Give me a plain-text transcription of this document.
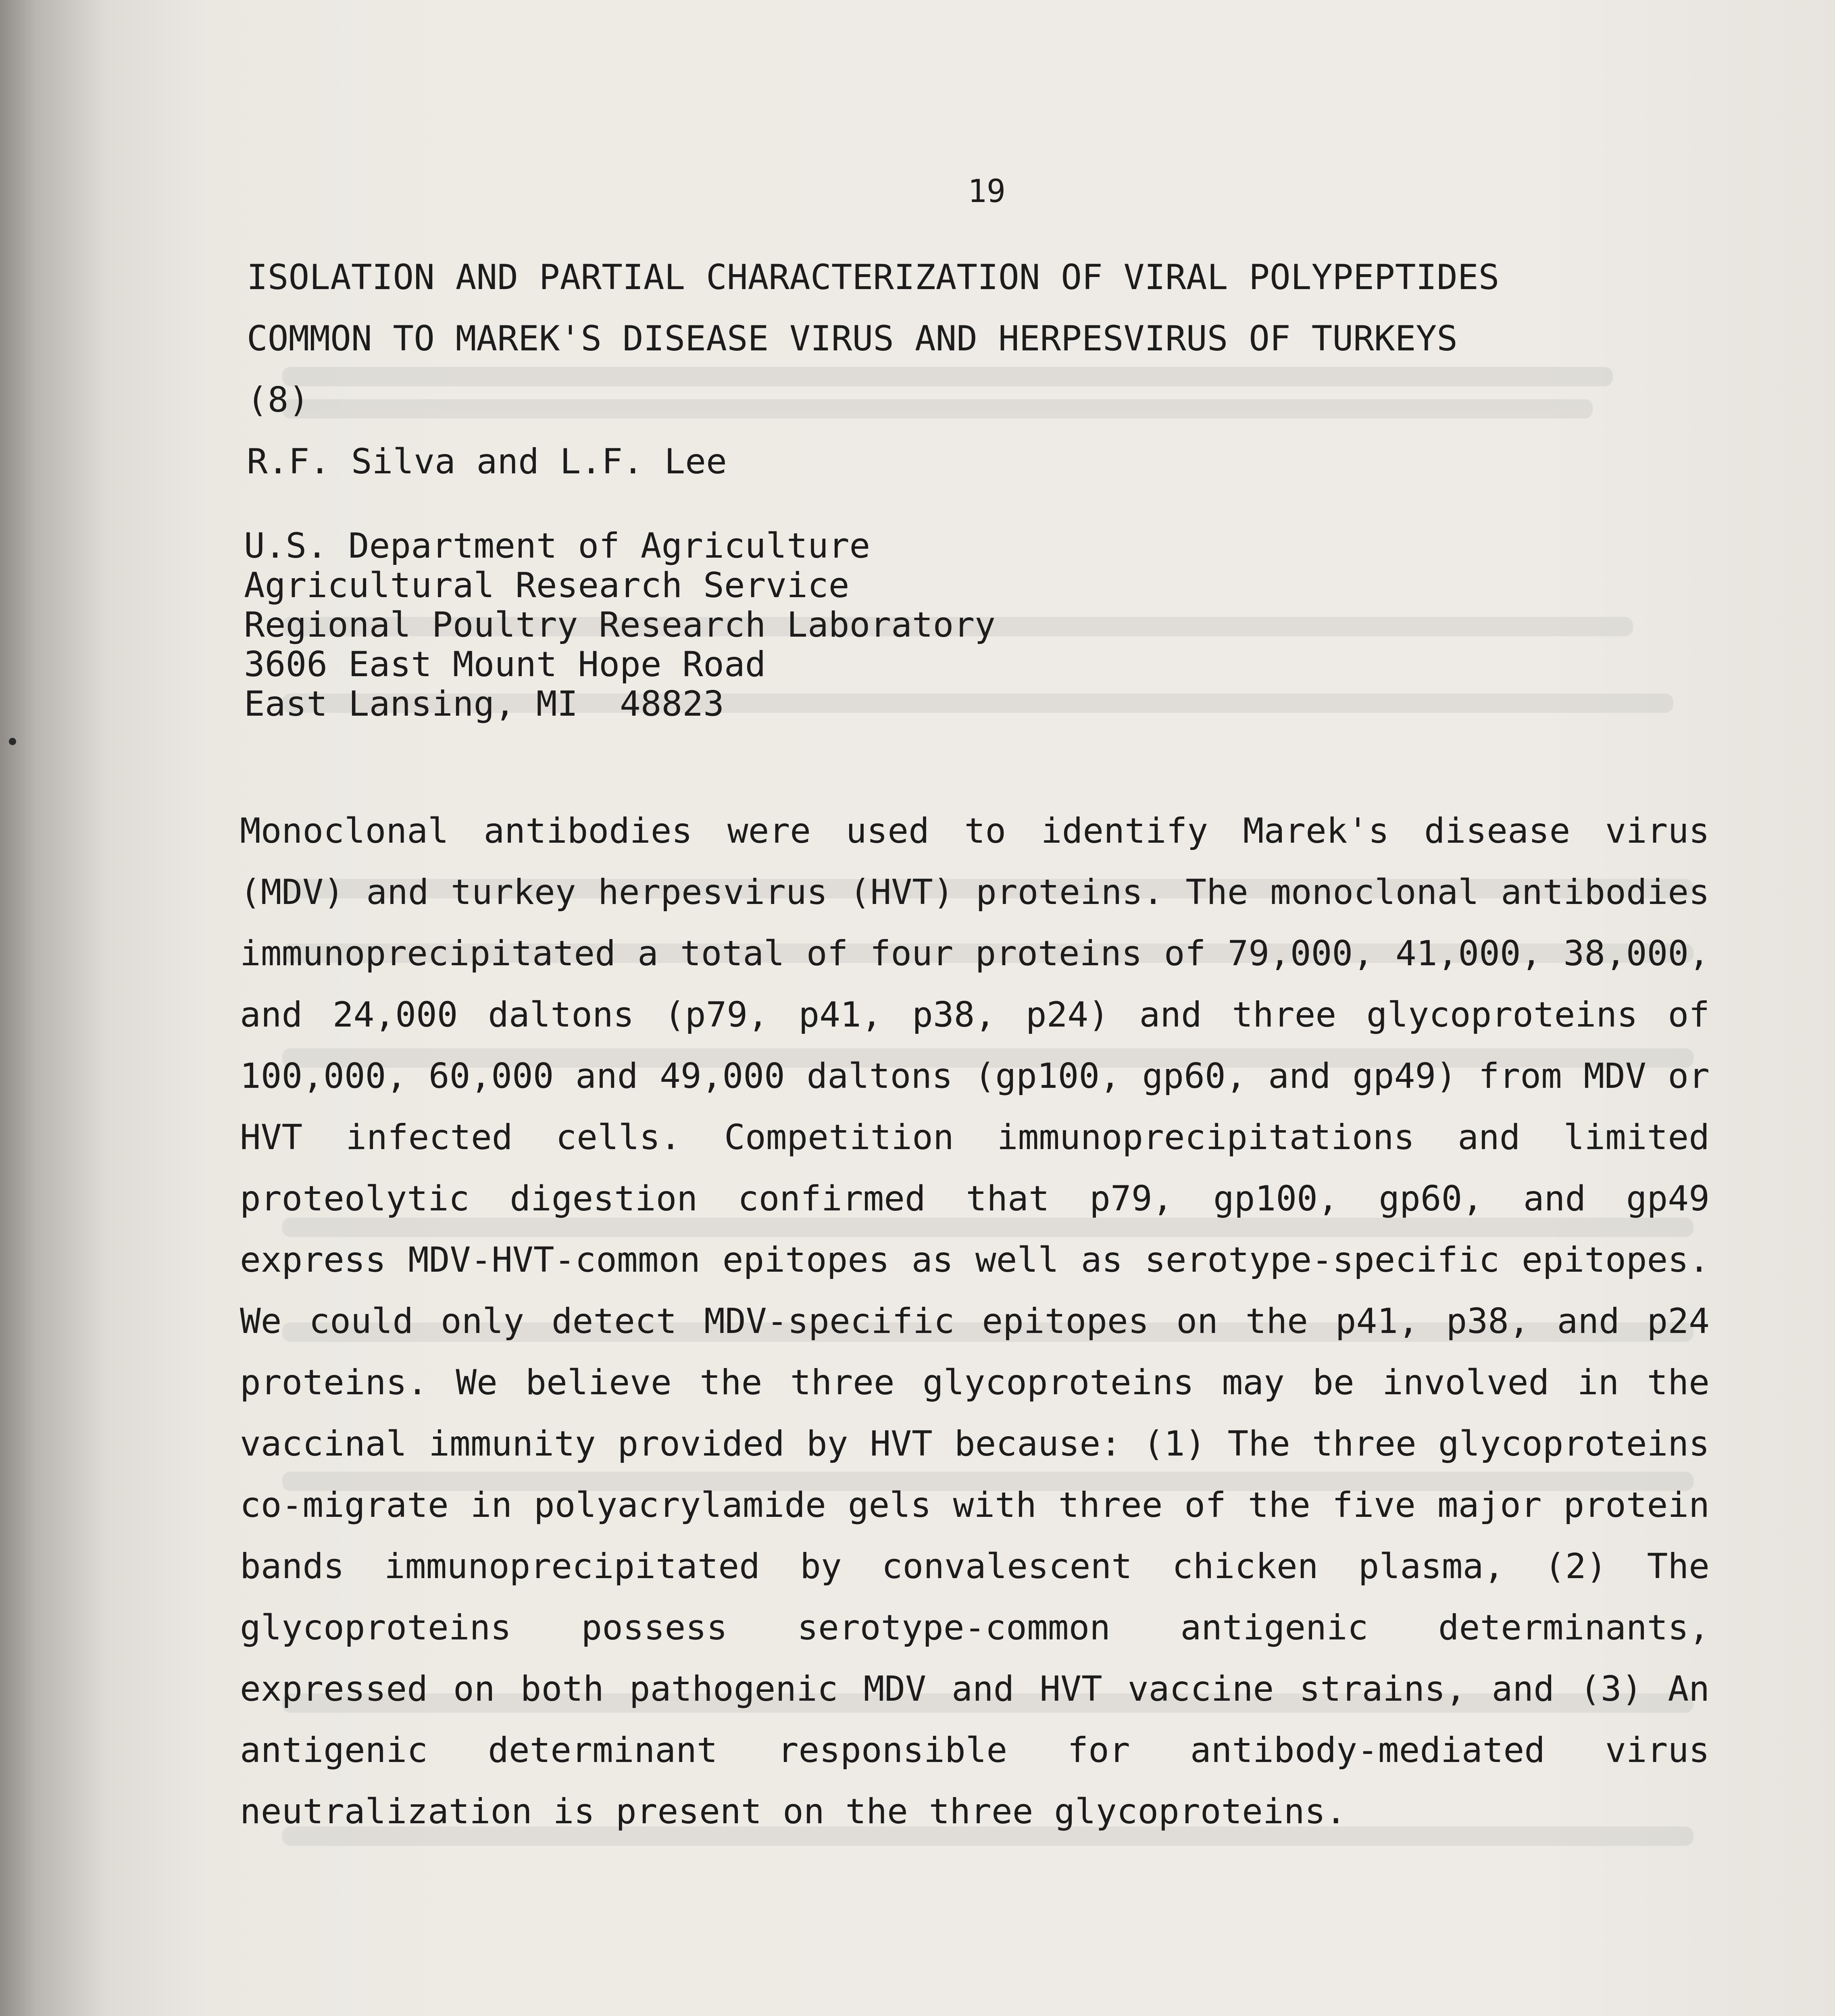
19
ISOLATION AND PARTIAL CHARACTERIZATION OF VIRAL POLYPEPTIDES
COMMON TO MAREK'S DISEASE VIRUS AND HERPESVIRUS OF TURKEYS
(8)
R.F. Silva and L.F. Lee
U.S. Department of Agriculture
Agricultural Research Service
Regional Poultry Research Laboratory
3606 East Mount Hope Road
East Lansing, MI  48823
Monoclonal antibodies were used to identify Marek's disease virus (MDV) and turkey herpesvirus (HVT) proteins. The monoclonal antibodies immunoprecipitated a total of four proteins of 79,000, 41,000, 38,000, and 24,000 daltons (p79, p41, p38, p24) and three glycoproteins of 100,000, 60,000 and 49,000 daltons (gp100, gp60, and gp49) from MDV or HVT infected cells. Competition immunoprecipitations and limited proteolytic digestion confirmed that p79, gp100, gp60, and gp49 express MDV-HVT-common epitopes as well as serotype-specific epitopes. We could only detect MDV-specific epitopes on the p41, p38, and p24 proteins. We believe the three glycoproteins may be involved in the vaccinal immunity provided by HVT because: (1) The three glycoproteins co-migrate in polyacrylamide gels with three of the five major protein bands immunoprecipitated by convalescent chicken plasma, (2) The glycoproteins possess serotype-common antigenic determinants, expressed on both pathogenic MDV and HVT vaccine strains, and (3) An antigenic determinant responsible for antibody-mediated virus neutralization is present on the three glycoproteins.
